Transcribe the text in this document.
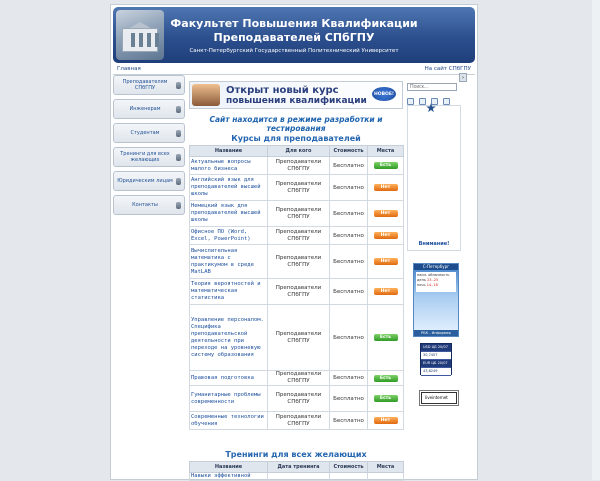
Факультет Повышения Квалификации
Преподавателей СПбГПУ
Санкт-Петербургский Государственный Политехнический Университет
Главная	На сайт СПбГПУ
Преподавателям СПбГПУ
Инженерам
Студентам
Тренинги для всех желающих
Юридическим лицам
Контакты
Открыт новый курс
повышения квалификации
НОВОЕ!
Сайт находится в режиме разработки и
тестирования
Курсы для преподавателей
Название	Для кого	Стоимость	Места
Актуальные вопросы малого бизнеса	Преподаватели СПбГПУ	Бесплатно	Есть
Английский язык для преподавателей высшей школы	Преподаватели СПбГПУ	Бесплатно	Нет
Немецкий язык для преподавателей высшей школы	Преподаватели СПбГПУ	Бесплатно	Нет
Офисное ПО (Word, Excel, PowerPoint)	Преподаватели СПбГПУ	Бесплатно	Нет
Вычислительная математика с практикумом в среде MatLAB	Преподаватели СПбГПУ	Бесплатно	Нет
Теория вероятностей и математическая статистика	Преподаватели СПбГПУ	Бесплатно	Нет
Управление персоналом. Специфика преподавательской деятельности при переходе на уровневую систему образования	Преподаватели СПбГПУ	Бесплатно	Есть
Правовая подготовка	Преподаватели СПбГПУ	Бесплатно	Есть
Гуманитарные проблемы современности	Преподаватели СПбГПУ	Бесплатно	Есть
Современные технологии обучения	Преподаватели СПбГПУ	Бесплатно	Нет
Тренинги для всех желающих
Название	Дата тренинга	Стоимость	Места
Навыки эффективной			
Поиск...
›
Внимание!
С-Петербург
пасм. облачность
день 23..25
ночь 14..16
РБК - Информер
USD ЦБ 20/07
30,7457
EUR ЦБ 20/07
43,8249
liveinternet
